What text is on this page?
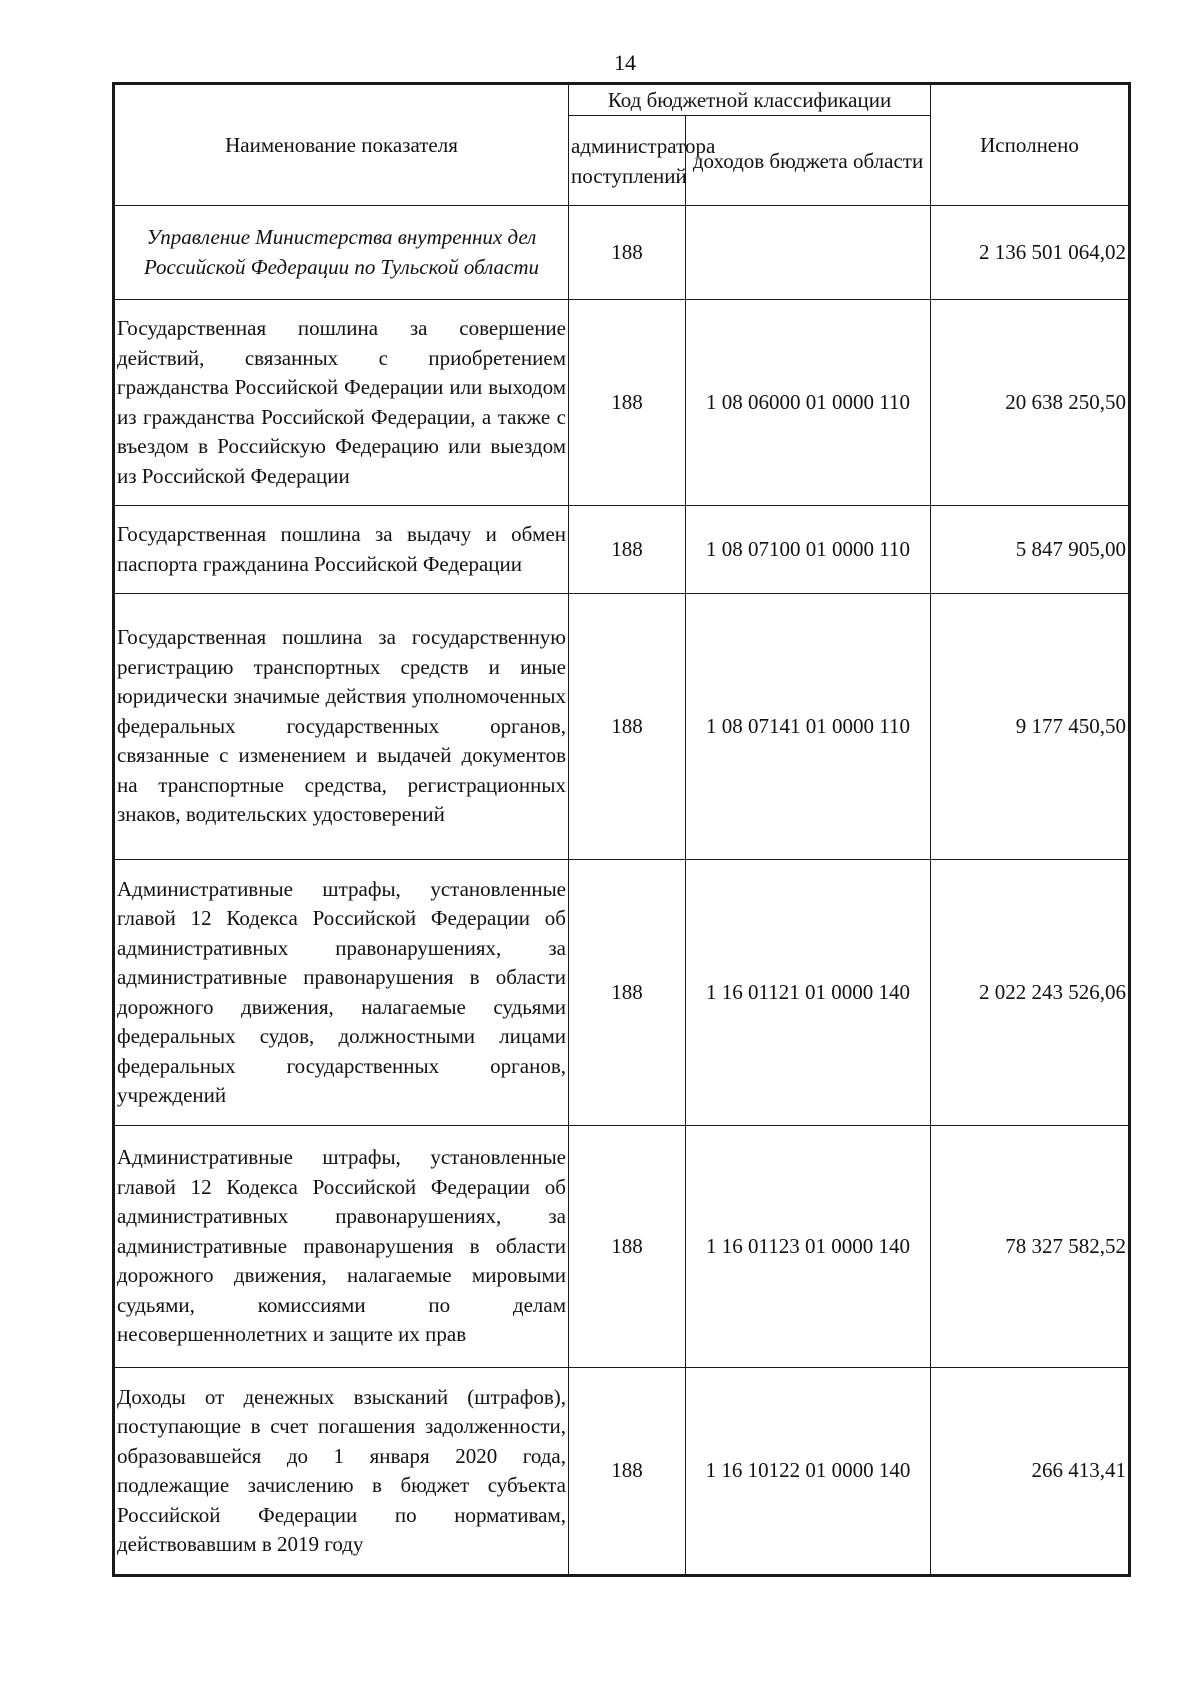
14
Наименование показателя	Код бюджетной классификации		Исполнено
	администратора поступлений	доходов бюджета области	
Управление Министерства внутренних дел Российской Федерации по Тульской области	188		2 136 501 064,02
Государственная пошлина за совершение действий, связанных с приобретением гражданства Российской Федерации или выходом из гражданства Российской Федерации, а также с въездом в Российскую Федерацию или выездом из Российской Федерации	188	1 08 06000 01 0000 110	20 638 250,50
Государственная пошлина за выдачу и обмен паспорта гражданина Российской Федерации	188	1 08 07100 01 0000 110	5 847 905,00
Государственная пошлина за государственную регистрацию транспортных средств и иные юридически значимые действия уполномоченных федеральных государственных органов, связанные с изменением и выдачей документов на транспортные средства, регистрационных знаков, водительских удостоверений	188	1 08 07141 01 0000 110	9 177 450,50
Административные штрафы, установленные главой 12 Кодекса Российской Федерации об административных правонарушениях, за административные правонарушения в области дорожного движения, налагаемые судьями федеральных судов, должностными лицами федеральных государственных органов, учреждений	188	1 16 01121 01 0000 140	2 022 243 526,06
Административные штрафы, установленные главой 12 Кодекса Российской Федерации об административных правонарушениях, за административные правонарушения в области дорожного движения, налагаемые мировыми судьями, комиссиями по делам несовершеннолетних и защите их прав	188	1 16 01123 01 0000 140	78 327 582,52
Доходы от денежных взысканий (штрафов), поступающие в счет погашения задолженности, образовавшейся до 1 января 2020 года, подлежащие зачислению в бюджет субъекта Российской Федерации по нормативам, действовавшим в 2019 году	188	1 16 10122 01 0000 140	266 413,41
